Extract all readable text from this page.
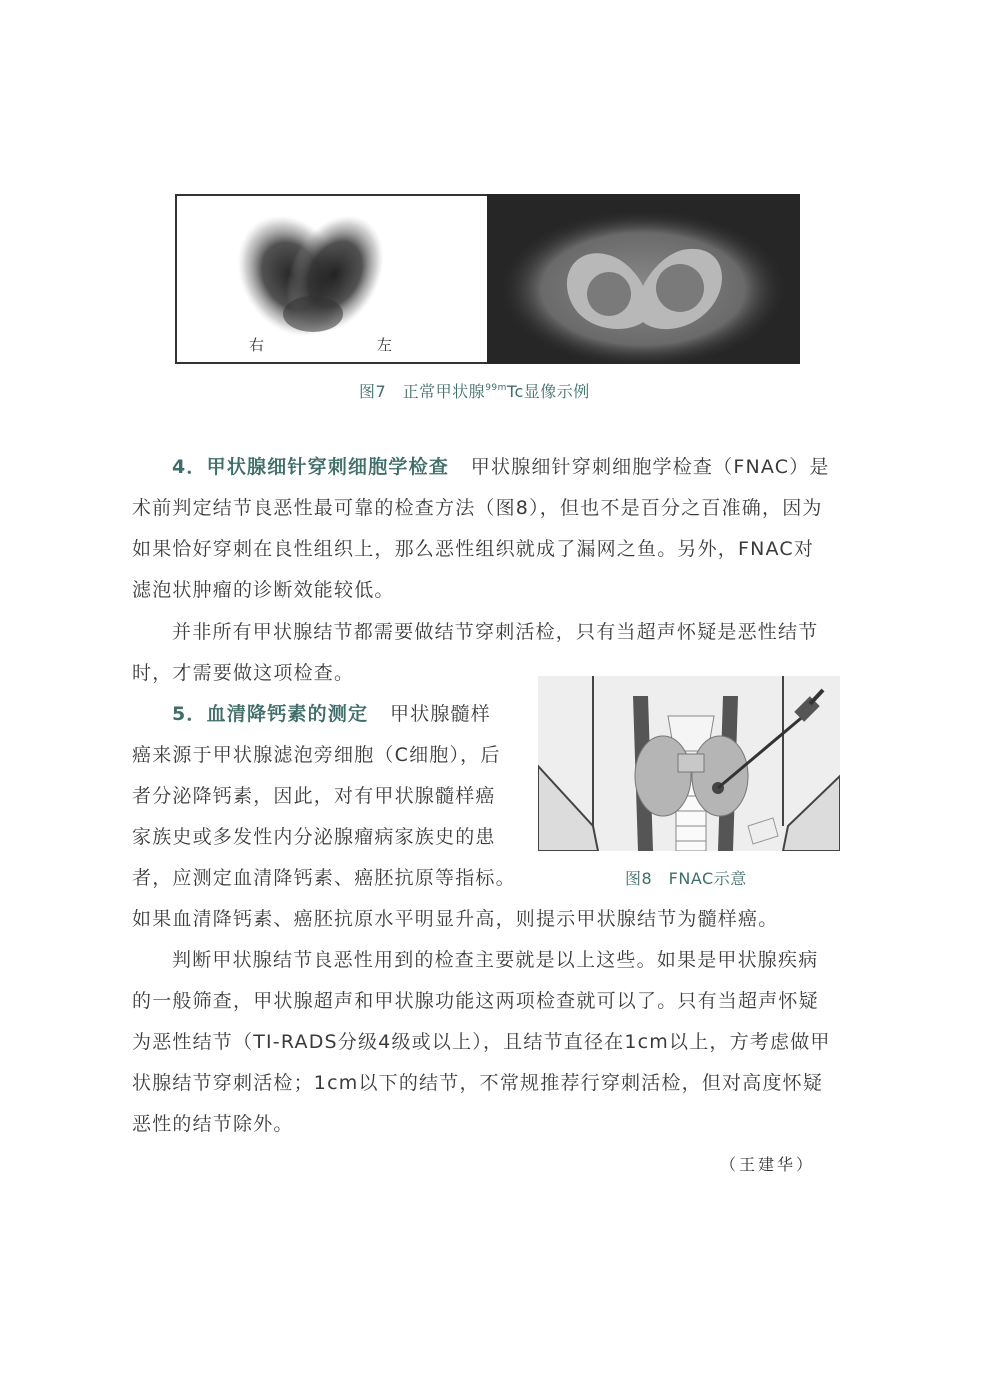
右	左
图7　正常甲状腺$^{99m}$Tc显像示例
4．甲状腺细针穿刺细胞学检查 甲状腺细针穿刺细胞学检查（FNAC）是
术前判定结节良恶性最可靠的检查方法（图8），但也不是百分之百准确，因为
如果恰好穿刺在良性组织上，那么恶性组织就成了漏网之鱼。另外，FNAC对
滤泡状肿瘤的诊断效能较低。
并非所有甲状腺结节都需要做结节穿刺活检，只有当超声怀疑是恶性结节
时，才需要做这项检查。
5．血清降钙素的测定 甲状腺髓样
癌来源于甲状腺滤泡旁细胞（C细胞），后
者分泌降钙素，因此，对有甲状腺髓样癌
家族史或多发性内分泌腺瘤病家族史的患
者，应测定血清降钙素、癌胚抗原等指标。
如果血清降钙素、癌胚抗原水平明显升高，则提示甲状腺结节为髓样癌。
图8　FNAC示意
判断甲状腺结节良恶性用到的检查主要就是以上这些。如果是甲状腺疾病
的一般筛查，甲状腺超声和甲状腺功能这两项检查就可以了。只有当超声怀疑
为恶性结节（TI-RADS分级4级或以上），且结节直径在1cm以上，方考虑做甲
状腺结节穿刺活检；1cm以下的结节，不常规推荐行穿刺活检，但对高度怀疑
恶性的结节除外。
（王建华）
